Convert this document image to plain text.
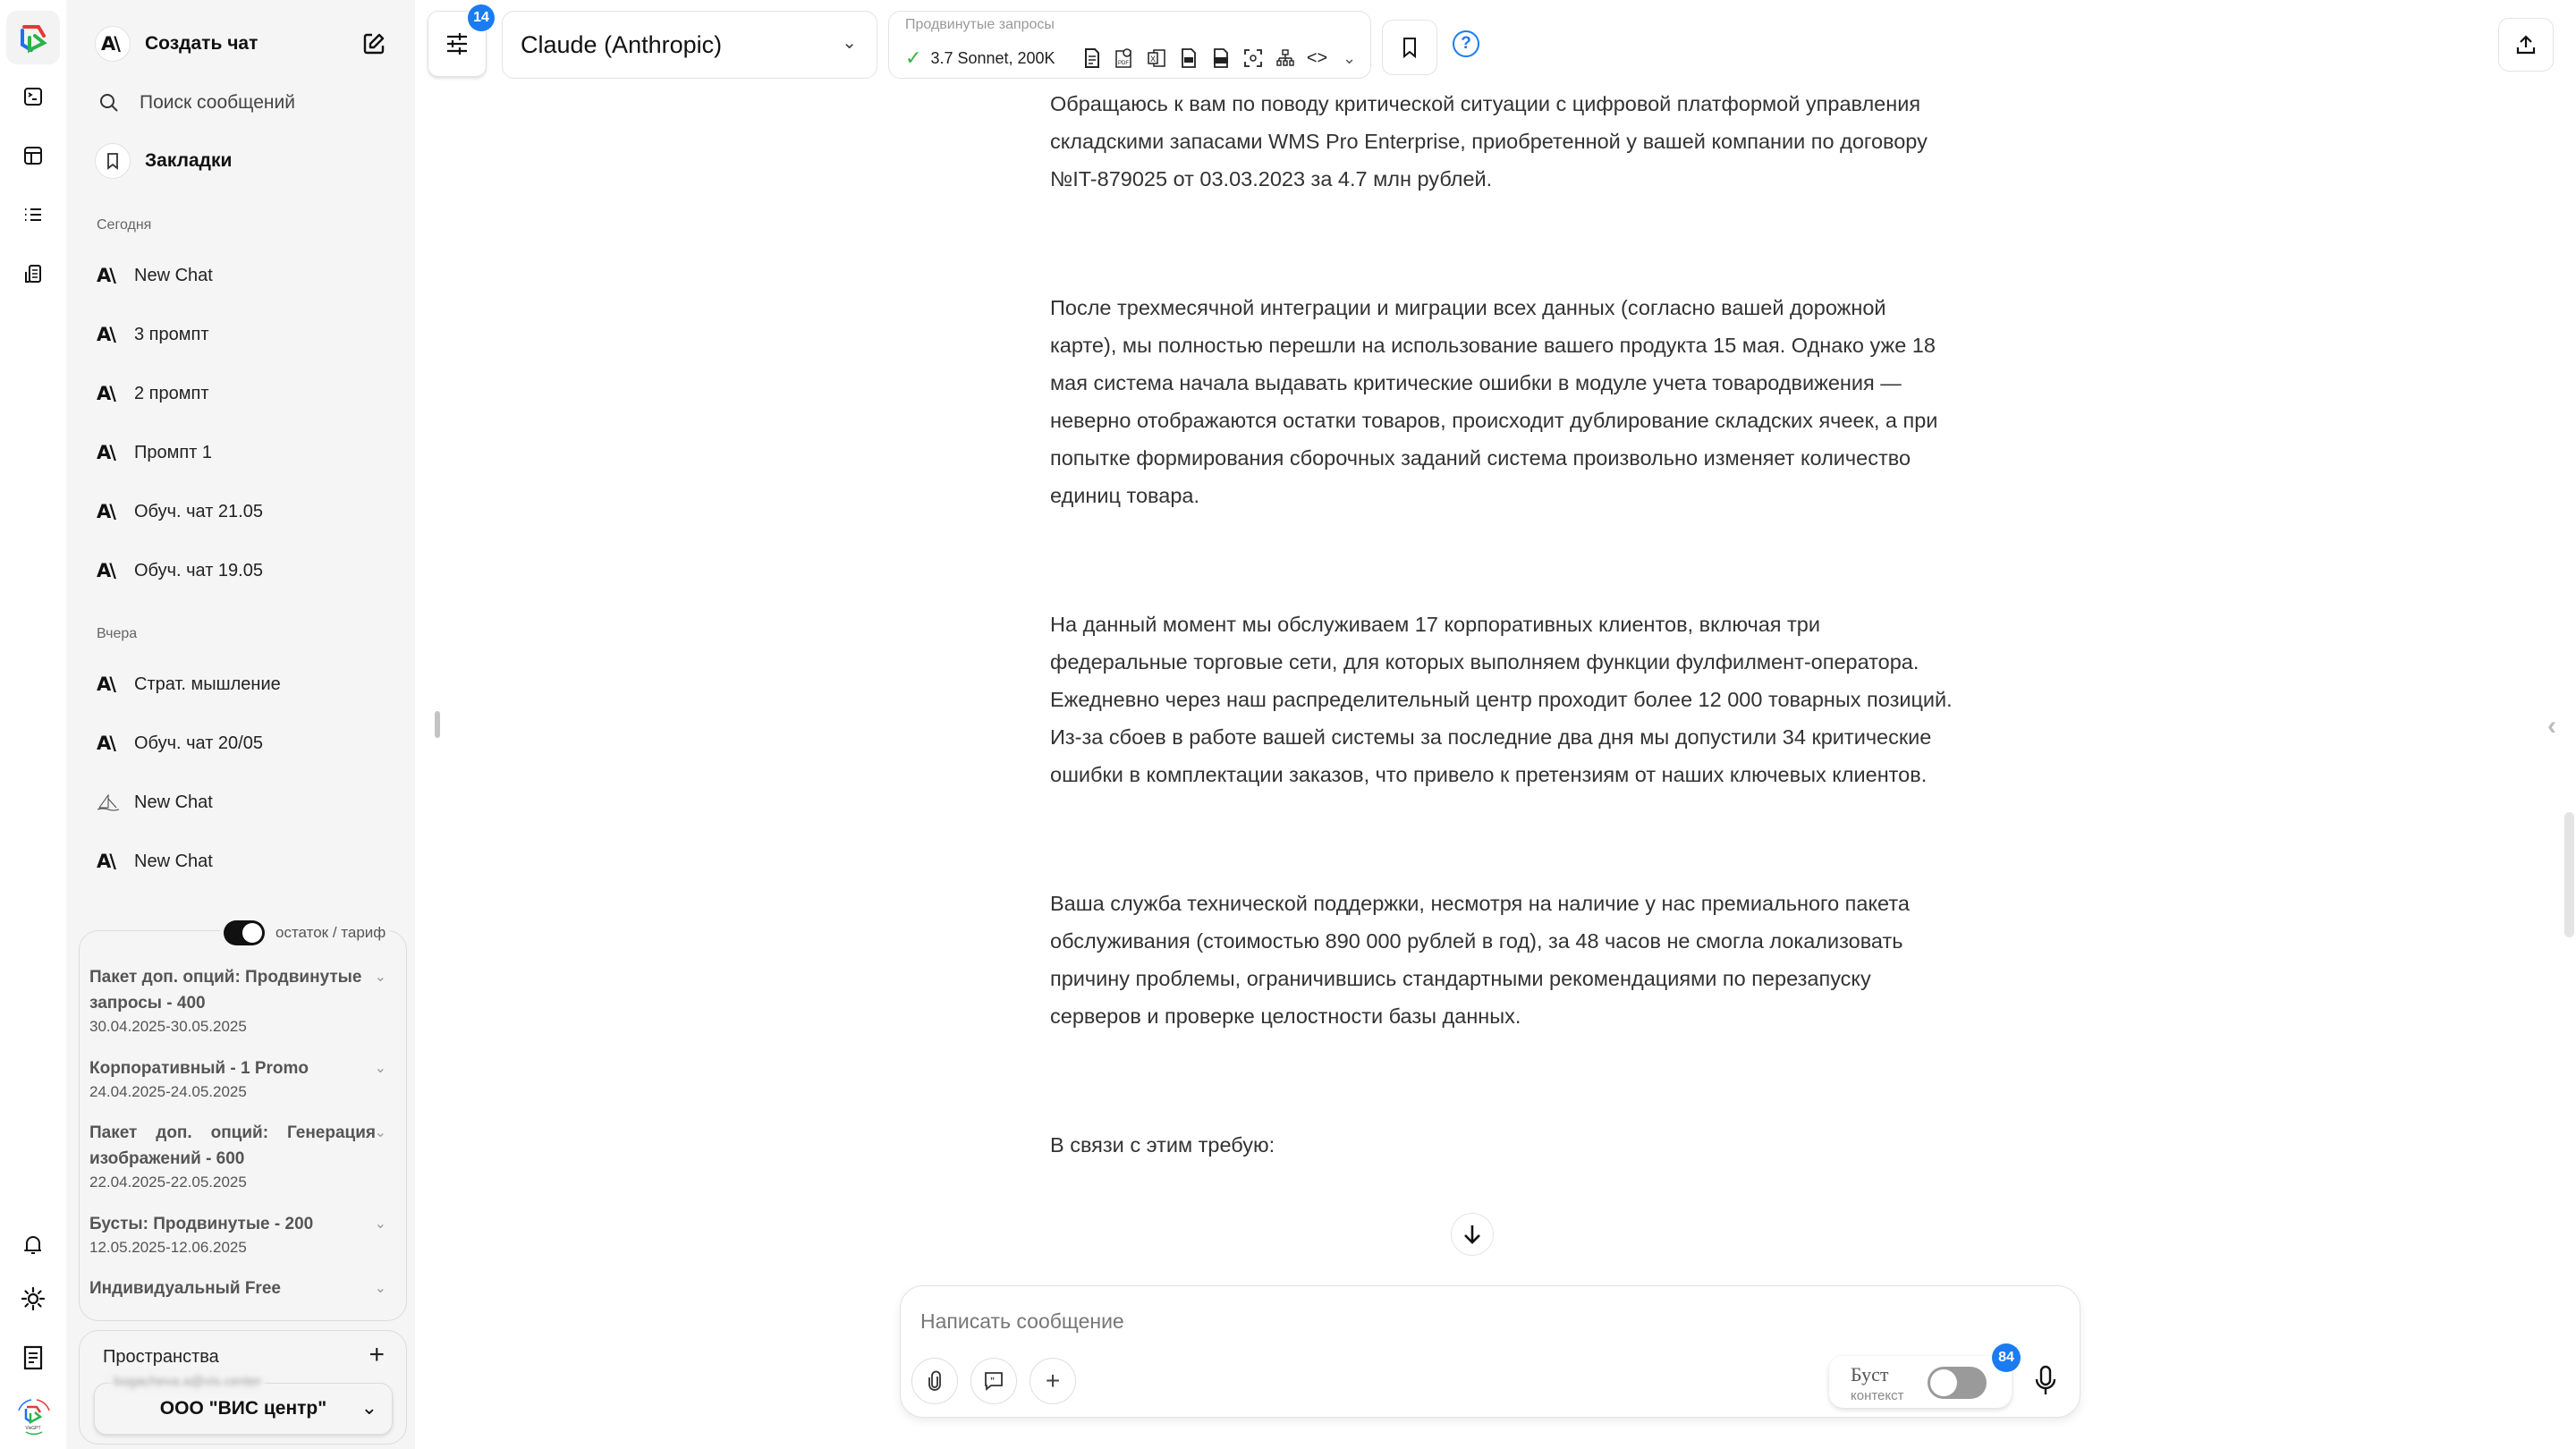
VisGPT
A\ Создать чат
Поиск сообщений
Закладки
Сегодня
A\	New Chat
A\	3 промпт
A\	2 промпт
A\	Промпт 1
A\	Обуч. чат 21.05
A\	Обуч. чат 19.05
Вчера
A\	Страт. мышление
A\	Обуч. чат 20/05
New Chat
A\	New Chat
остаток / тариф
Пакет доп. опций: Продвинутые запросы - 400
30.04.2025-30.05.2025
⌄
Корпоративный - 1 Promo
24.04.2025-24.05.2025
⌄
Пакет доп. опций: Генерация изображений - 600
22.04.2025-22.05.2025
⌄
Бусты: Продвинутые - 200
12.05.2025-12.06.2025
⌄
Индивидуальный Free	⌄
Пространства	+
bogacheva.a@vis.center
ООО "ВИС центр" ⌄
14
Claude (Anthropic)	⌄
Продвинутые запросы
✓ 3.7 Sonnet, 200K	PDF	X	<> ⌄
?

Обращаюсь к вам по поводу критической ситуации с цифровой платформой управления складскими запасами WMS Pro Enterprise, приобретенной у вашей компании по договору №IT-879025 от 03.03.2023 за 4.7 млн рублей.

После трехмесячной интеграции и миграции всех данных (согласно вашей дорожной карте), мы полностью перешли на использование вашего продукта 15 мая. Однако уже 18 мая система начала выдавать критические ошибки в модуле учета товародвижения — неверно отображаются остатки товаров, происходит дублирование складских ячеек, а при попытке формирования сборочных заданий система произвольно изменяет количество единиц товара.

На данный момент мы обслуживаем 17 корпоративных клиентов, включая три федеральные торговые сети, для которых выполняем функции фулфилмент-оператора. Ежедневно через наш распределительный центр проходит более 12 000 товарных позиций. Из-за сбоев в работе вашей системы за последние два дня мы допустили 34 критические ошибки в комплектации заказов, что привело к претензиям от наших ключевых клиентов.

Ваша служба технической поддержки, несмотря на наличие у нас премиального пакета обслуживания (стоимостью 890 000 рублей в год), за 48 часов не смогла локализовать причину проблемы, ограничившись стандартными рекомендациями по перезапуску серверов и проверке целостности базы данных.

В связи с этим требую:

‹
Написать сообщение
” +	Буст
контекст
84
